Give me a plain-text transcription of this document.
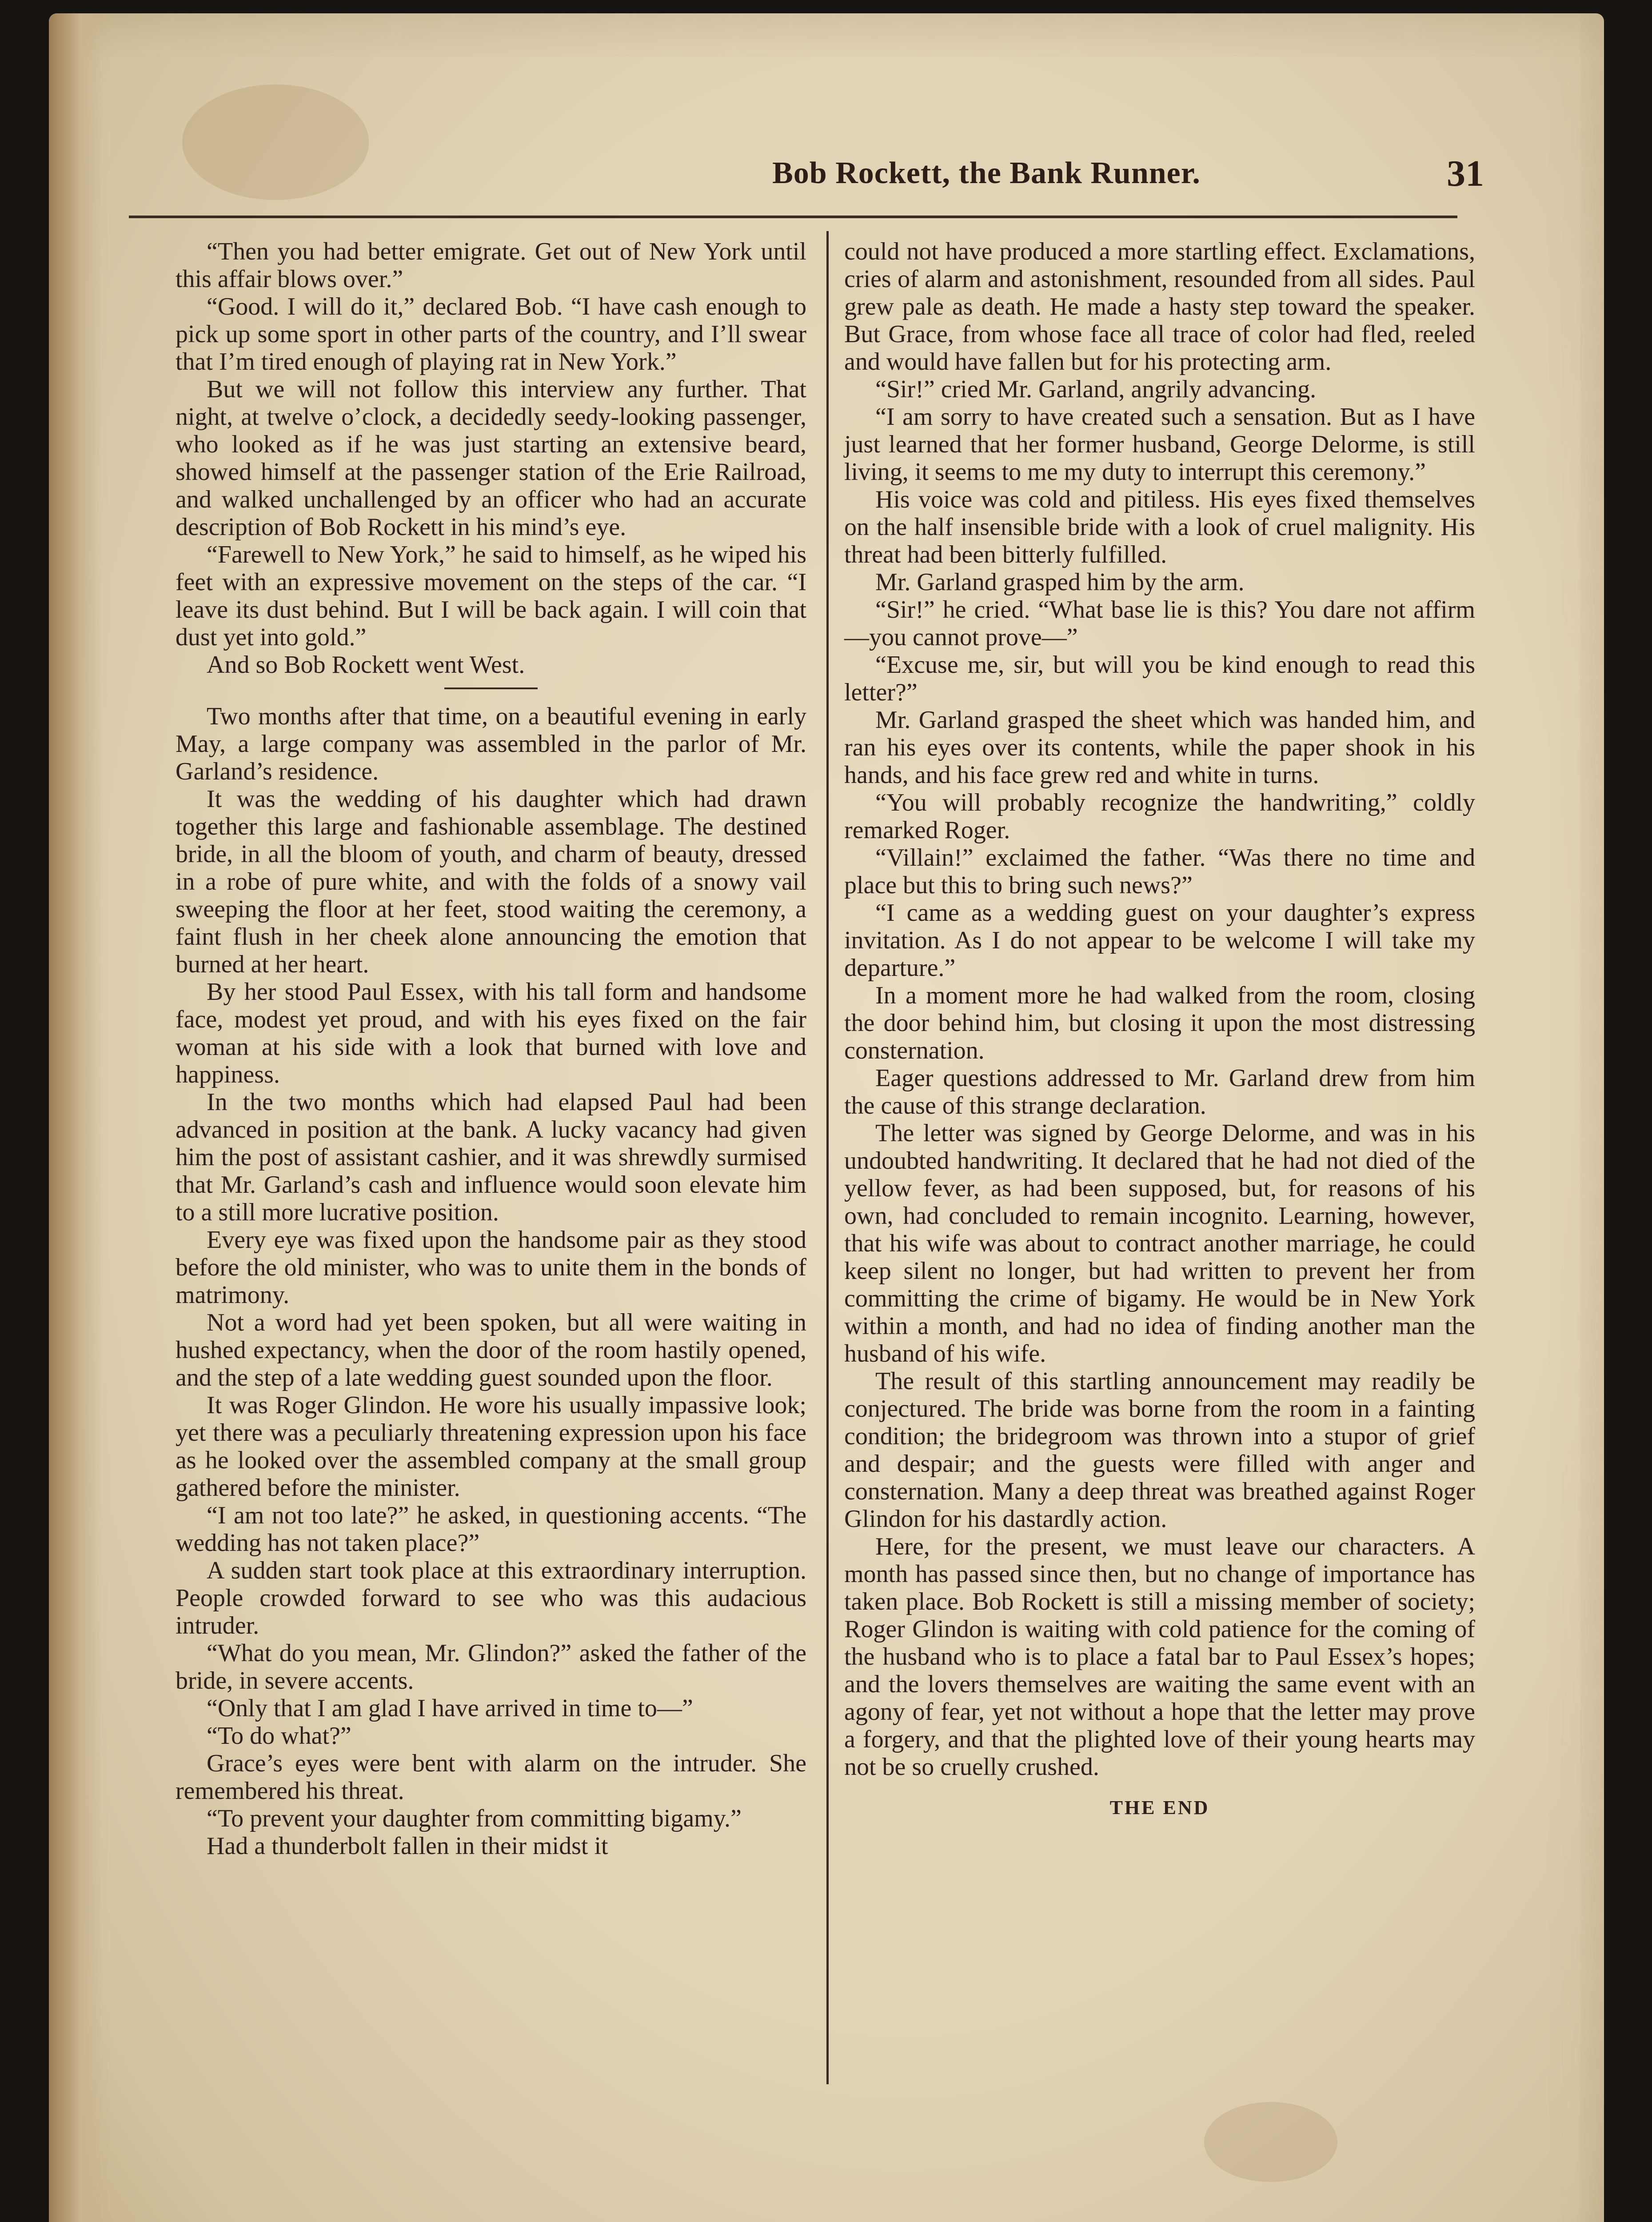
Bob Rockett, the Bank Runner.	31

“Then you had better emigrate. Get out of New York until this affair blows over.”

“Good. I will do it,” declared Bob. “I have cash enough to pick up some sport in other parts of the country, and I’ll swear that I’m tired enough of playing rat in New York.”

But we will not follow this interview any further. That night, at twelve o’clock, a decidedly seedy-looking passenger, who looked as if he was just starting an extensive beard, showed himself at the passenger station of the Erie Railroad, and walked unchallenged by an officer who had an accurate description of Bob Rockett in his mind’s eye.

“Farewell to New York,” he said to himself, as he wiped his feet with an expressive movement on the steps of the car. “I leave its dust behind. But I will be back again. I will coin that dust yet into gold.”

And so Bob Rockett went West.

Two months after that time, on a beautiful evening in early May, a large company was assembled in the parlor of Mr. Garland’s residence.

It was the wedding of his daughter which had drawn together this large and fashionable assemblage. The destined bride, in all the bloom of youth, and charm of beauty, dressed in a robe of pure white, and with the folds of a snowy vail sweeping the floor at her feet, stood waiting the ceremony, a faint flush in her cheek alone announcing the emotion that burned at her heart.

By her stood Paul Essex, with his tall form and handsome face, modest yet proud, and with his eyes fixed on the fair woman at his side with a look that burned with love and happiness.

In the two months which had elapsed Paul had been advanced in position at the bank. A lucky vacancy had given him the post of assistant cashier, and it was shrewdly surmised that Mr. Garland’s cash and influence would soon elevate him to a still more lucrative position.

Every eye was fixed upon the handsome pair as they stood before the old minister, who was to unite them in the bonds of matrimony.

Not a word had yet been spoken, but all were waiting in hushed expectancy, when the door of the room hastily opened, and the step of a late wedding guest sounded upon the floor.

It was Roger Glindon. He wore his usually impassive look; yet there was a peculiarly threatening expression upon his face as he looked over the assembled company at the small group gathered before the minister.

“I am not too late?” he asked, in questioning accents. “The wedding has not taken place?”

A sudden start took place at this extraordinary interruption. People crowded forward to see who was this audacious intruder.

“What do you mean, Mr. Glindon?” asked the father of the bride, in severe accents.

“Only that I am glad I have arrived in time to—”

“To do what?”

Grace’s eyes were bent with alarm on the intruder. She remembered his threat.

“To prevent your daughter from committing bigamy.”

Had a thunderbolt fallen in their midst it

could not have produced a more startling effect. Exclamations, cries of alarm and astonishment, resounded from all sides. Paul grew pale as death. He made a hasty step toward the speaker. But Grace, from whose face all trace of color had fled, reeled and would have fallen but for his protecting arm.

“Sir!” cried Mr. Garland, angrily advancing.

“I am sorry to have created such a sensation. But as I have just learned that her former husband, George Delorme, is still living, it seems to me my duty to interrupt this ceremony.”

His voice was cold and pitiless. His eyes fixed themselves on the half insensible bride with a look of cruel malignity. His threat had been bitterly fulfilled.

Mr. Garland grasped him by the arm.

“Sir!” he cried. “What base lie is this? You dare not affirm—you cannot prove—”

“Excuse me, sir, but will you be kind enough to read this letter?”

Mr. Garland grasped the sheet which was handed him, and ran his eyes over its contents, while the paper shook in his hands, and his face grew red and white in turns.

“You will probably recognize the handwriting,” coldly remarked Roger.

“Villain!” exclaimed the father. “Was there no time and place but this to bring such news?”

“I came as a wedding guest on your daughter’s express invitation. As I do not appear to be welcome I will take my departure.”

In a moment more he had walked from the room, closing the door behind him, but closing it upon the most distressing consternation.

Eager questions addressed to Mr. Garland drew from him the cause of this strange declaration.

The letter was signed by George Delorme, and was in his undoubted handwriting. It declared that he had not died of the yellow fever, as had been supposed, but, for reasons of his own, had concluded to remain incognito. Learning, however, that his wife was about to contract another marriage, he could keep silent no longer, but had written to prevent her from committing the crime of bigamy. He would be in New York within a month, and had no idea of finding another man the husband of his wife.

The result of this startling announcement may readily be conjectured. The bride was borne from the room in a fainting condition; the bridegroom was thrown into a stupor of grief and despair; and the guests were filled with anger and consternation. Many a deep threat was breathed against Roger Glindon for his dastardly action.

Here, for the present, we must leave our characters. A month has passed since then, but no change of importance has taken place. Bob Rockett is still a missing member of society; Roger Glindon is waiting with cold patience for the coming of the husband who is to place a fatal bar to Paul Essex’s hopes; and the lovers themselves are waiting the same event with an agony of fear, yet not without a hope that the letter may prove a forgery, and that the plighted love of their young hearts may not be so cruelly crushed.

THE END
